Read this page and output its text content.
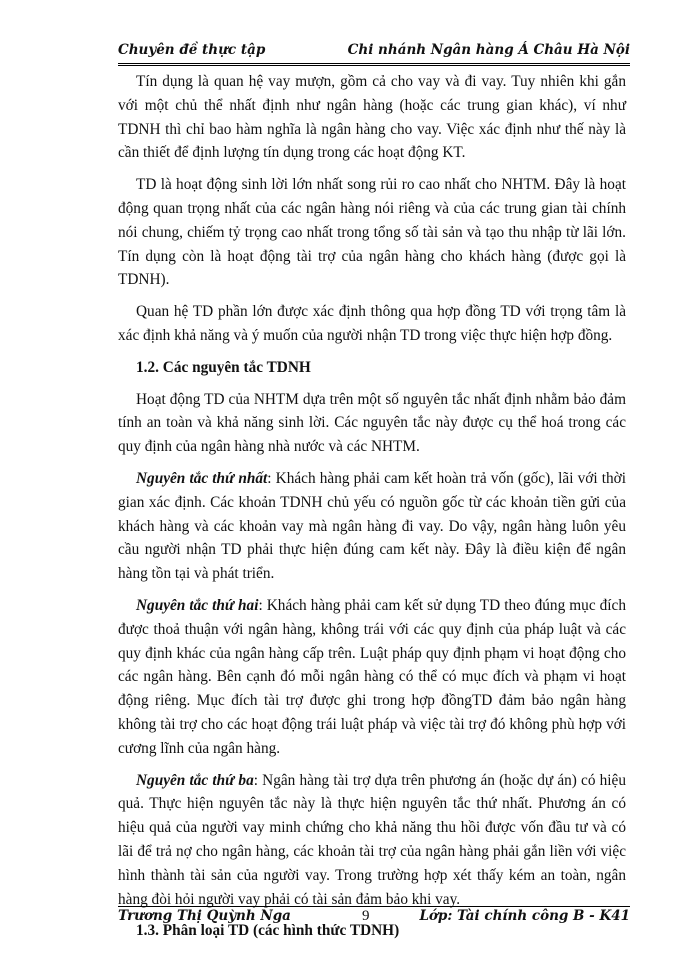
Chuyên đề thực tập	Chi nhánh Ngân hàng Á Châu Hà Nội

Tín dụng là quan hệ vay mượn, gồm cả cho vay và đi vay. Tuy nhiên khi gắn với một chủ thể nhất định như ngân hàng (hoặc các trung gian khác), ví như TDNH thì chỉ bao hàm nghĩa là ngân hàng cho vay. Việc xác định như thế này là cần thiết để định lượng tín dụng trong các hoạt động KT.

TD là hoạt động sinh lời lớn nhất song rủi ro cao nhất cho NHTM. Đây là hoạt động quan trọng nhất của các ngân hàng nói riêng và của các trung gian tài chính nói chung, chiếm tỷ trọng cao nhất trong tổng số tài sản và tạo thu nhập từ lãi lớn. Tín dụng còn là hoạt động tài trợ của ngân hàng cho khách hàng (được gọi là TDNH).

Quan hệ TD phần lớn được xác định thông qua hợp đồng TD với trọng tâm là xác định khả năng và ý muốn của người nhận TD trong việc thực hiện hợp đồng.

1.2. Các nguyên tắc TDNH

Hoạt động TD của NHTM dựa trên một số nguyên tắc nhất định nhằm bảo đảm tính an toàn và khả năng sinh lời. Các nguyên tắc này được cụ thể hoá trong các quy định của ngân hàng nhà nước và các NHTM.

Nguyên tắc thứ nhất: Khách hàng phải cam kết hoàn trả vốn (gốc), lãi với thời gian xác định. Các khoản TDNH chủ yếu có nguồn gốc từ các khoản tiền gửi của khách hàng và các khoản vay mà ngân hàng đi vay. Do vậy, ngân hàng luôn yêu cầu người nhận TD phải thực hiện đúng cam kết này. Đây là điều kiện để ngân hàng tồn tại và phát triển.

Nguyên tắc thứ hai: Khách hàng phải cam kết sử dụng TD theo đúng mục đích được thoả thuận với ngân hàng, không trái với các quy định của pháp luật và các quy định khác của ngân hàng cấp trên. Luật pháp quy định phạm vi hoạt động cho các ngân hàng. Bên cạnh đó mỗi ngân hàng có thể có mục đích và phạm vi hoạt động riêng. Mục đích tài trợ được ghi trong hợp đồngTD đảm bảo ngân hàng không tài trợ cho các hoạt động trái luật pháp và việc tài trợ đó không phù hợp với cương lĩnh của ngân hàng.

Nguyên tắc thứ ba: Ngân hàng tài trợ dựa trên phương án (hoặc dự án) có hiệu quả. Thực hiện nguyên tắc này là thực hiện nguyên tắc thứ nhất. Phương án có hiệu quả của người vay minh chứng cho khả năng thu hồi được vốn đầu tư và có lãi để trả nợ cho ngân hàng, các khoản tài trợ của ngân hàng phải gắn liền với việc hình thành tài sản của người vay. Trong trường hợp xét thấy kém an toàn, ngân hàng đòi hỏi người vay phải có tài sản đảm bảo khi vay.

1.3. Phân loại TD (các hình thức TDNH)
Trương Thị Quỳnh Nga	9	Lớp: Tài chính công B - K41
